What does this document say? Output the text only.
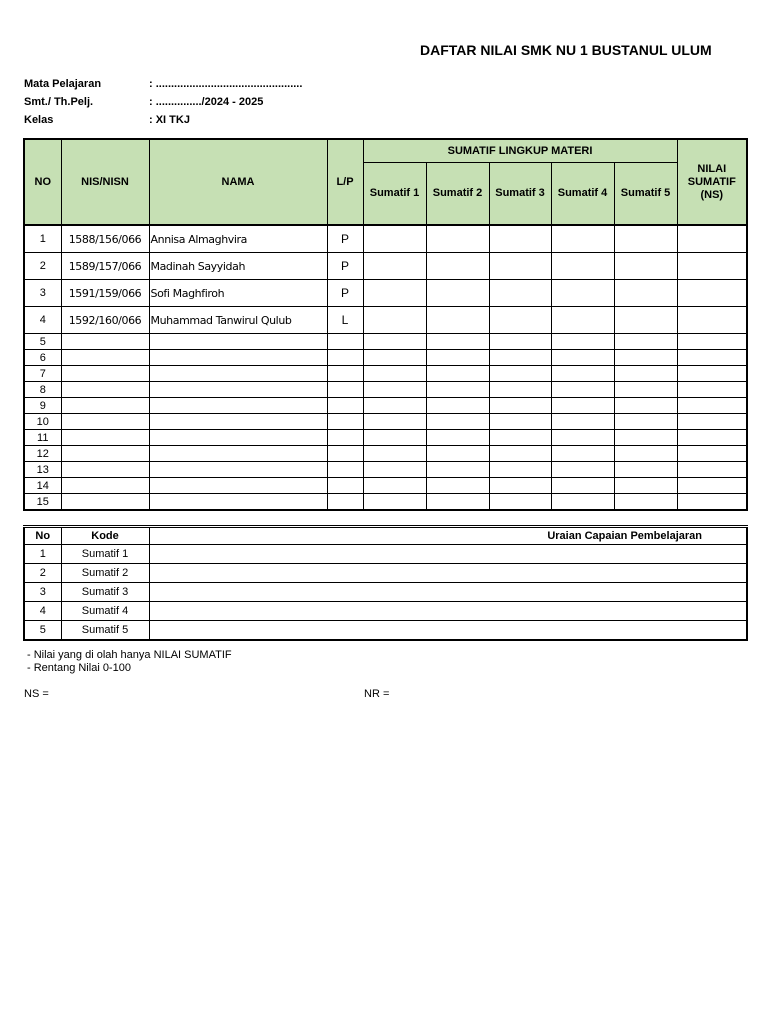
DAFTAR NILAI SMK NU 1 BUSTANUL ULUM
Mata Pelajaran	: ................................................
Smt./ Th.Pelj.	: .............../2024 - 2025
Kelas	: XI TKJ
NO	NIS/NISN	NAMA	L/P	SUMATIF LINGKUP MATERI					NILAI
SUMATIF
(NS)

				Sumatif 1	Sumatif 2	Sumatif 3	Sumatif 4	Sumatif 5	
1	1588/156/066	Annisa Almaghvira	P						
2	1589/157/066	Madinah Sayyidah	P						
3	1591/159/066	Sofi Maghfiroh	P						
4	1592/160/066	Muhammad Tanwirul Qulub	L						
5									
6									
7									
8									
9									
10									
11									
12									
13									
14									
15									
No	Kode	Uraian Capaian Pembelajaran
1	Sumatif 1	
2	Sumatif 2	
3	Sumatif 3	
4	Sumatif 4	
5	Sumatif 5	
- Nilai yang di olah hanya NILAI SUMATIF
- Rentang Nilai 0-100
NS =	NR =
